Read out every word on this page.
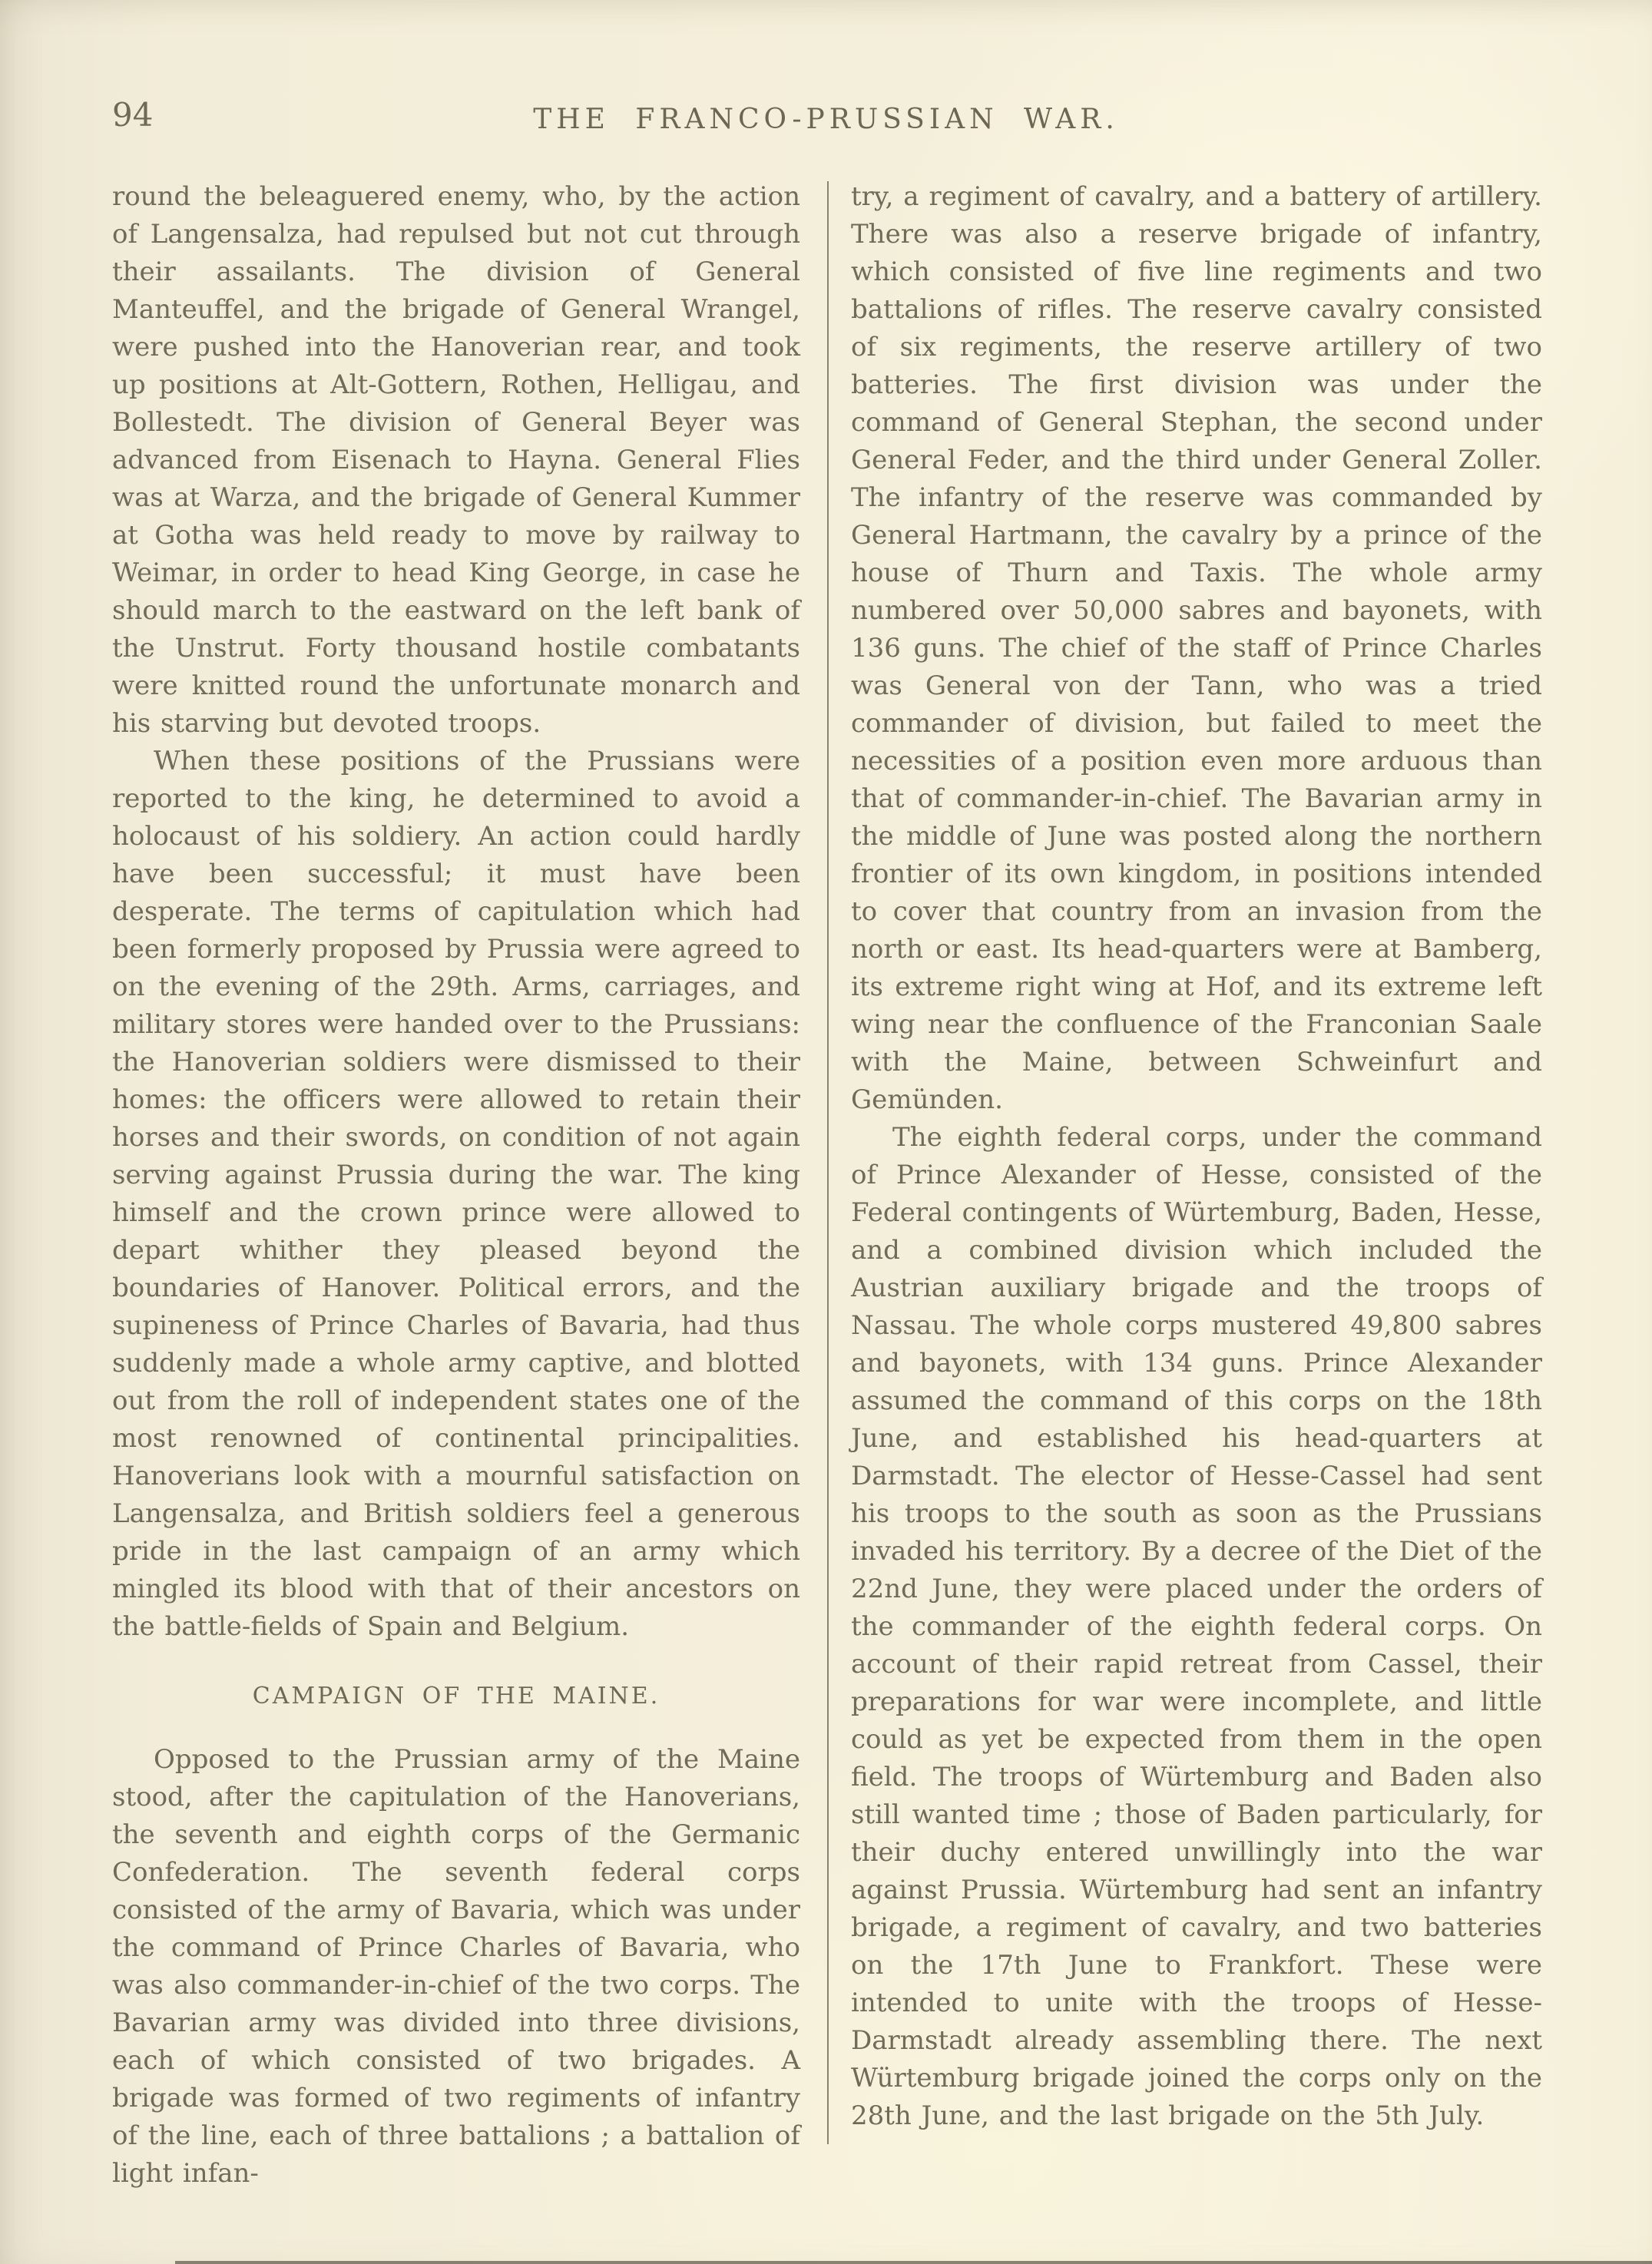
94	THE FRANCO-PRUSSIAN WAR.

round the beleaguered enemy, who, by the action of Langensalza, had repulsed but not cut through their assailants. The division of General Manteuffel, and the brigade of General Wrangel, were pushed into the Hanoverian rear, and took up positions at Alt-Gottern, Rothen, Helligau, and Bollestedt. The division of General Beyer was advanced from Eisenach to Hayna. General Flies was at Warza, and the brigade of General Kummer at Gotha was held ready to move by railway to Weimar, in order to head King George, in case he should march to the eastward on the left bank of the Unstrut. Forty thousand hostile combatants were knitted round the unfortunate monarch and his starving but devoted troops.

When these positions of the Prussians were reported to the king, he determined to avoid a holocaust of his soldiery. An action could hardly have been successful; it must have been desperate. The terms of capitulation which had been formerly proposed by Prussia were agreed to on the evening of the 29th. Arms, carriages, and military stores were handed over to the Prussians: the Hanoverian soldiers were dismissed to their homes: the officers were allowed to retain their horses and their swords, on condition of not again serving against Prussia during the war. The king himself and the crown prince were allowed to depart whither they pleased beyond the boundaries of Hanover. Political errors, and the supineness of Prince Charles of Bavaria, had thus suddenly made a whole army captive, and blotted out from the roll of independent states one of the most renowned of continental principalities. Hanoverians look with a mournful satisfaction on Langensalza, and British soldiers feel a generous pride in the last campaign of an army which mingled its blood with that of their ancestors on the battle-fields of Spain and Belgium.

CAMPAIGN OF THE MAINE.

Opposed to the Prussian army of the Maine stood, after the capitulation of the Hanoverians, the seventh and eighth corps of the Germanic Confederation. The seventh federal corps consisted of the army of Bavaria, which was under the command of Prince Charles of Bavaria, who was also commander-in-chief of the two corps. The Bavarian army was divided into three divisions, each of which consisted of two brigades. A brigade was formed of two regiments of infantry of the line, each of three battalions ; a battalion of light infan-

try, a regiment of cavalry, and a battery of artillery. There was also a reserve brigade of infantry, which consisted of five line regiments and two battalions of rifles. The reserve cavalry consisted of six regiments, the reserve artillery of two batteries. The first division was under the command of General Stephan, the second under General Feder, and the third under General Zoller. The infantry of the reserve was commanded by General Hartmann, the cavalry by a prince of the house of Thurn and Taxis. The whole army numbered over 50,000 sabres and bayonets, with 136 guns. The chief of the staff of Prince Charles was General von der Tann, who was a tried commander of division, but failed to meet the necessities of a position even more arduous than that of commander-in-chief. The Bavarian army in the middle of June was posted along the northern frontier of its own kingdom, in positions intended to cover that country from an invasion from the north or east. Its head-quarters were at Bamberg, its extreme right wing at Hof, and its extreme left wing near the confluence of the Franconian Saale with the Maine, between Schweinfurt and Gemünden.

The eighth federal corps, under the command of Prince Alexander of Hesse, consisted of the Federal contingents of Würtemburg, Baden, Hesse, and a combined division which included the Austrian auxiliary brigade and the troops of Nassau. The whole corps mustered 49,800 sabres and bayonets, with 134 guns. Prince Alexander assumed the command of this corps on the 18th June, and established his head-quarters at Darmstadt. The elector of Hesse-Cassel had sent his troops to the south as soon as the Prussians invaded his territory. By a decree of the Diet of the 22nd June, they were placed under the orders of the commander of the eighth federal corps. On account of their rapid retreat from Cassel, their preparations for war were incomplete, and little could as yet be expected from them in the open field. The troops of Würtemburg and Baden also still wanted time ; those of Baden particularly, for their duchy entered unwillingly into the war against Prussia. Würtemburg had sent an infantry brigade, a regiment of cavalry, and two batteries on the 17th June to Frankfort. These were intended to unite with the troops of Hesse-Darmstadt already assembling there. The next Würtemburg brigade joined the corps only on the 28th June, and the last brigade on the 5th July.
